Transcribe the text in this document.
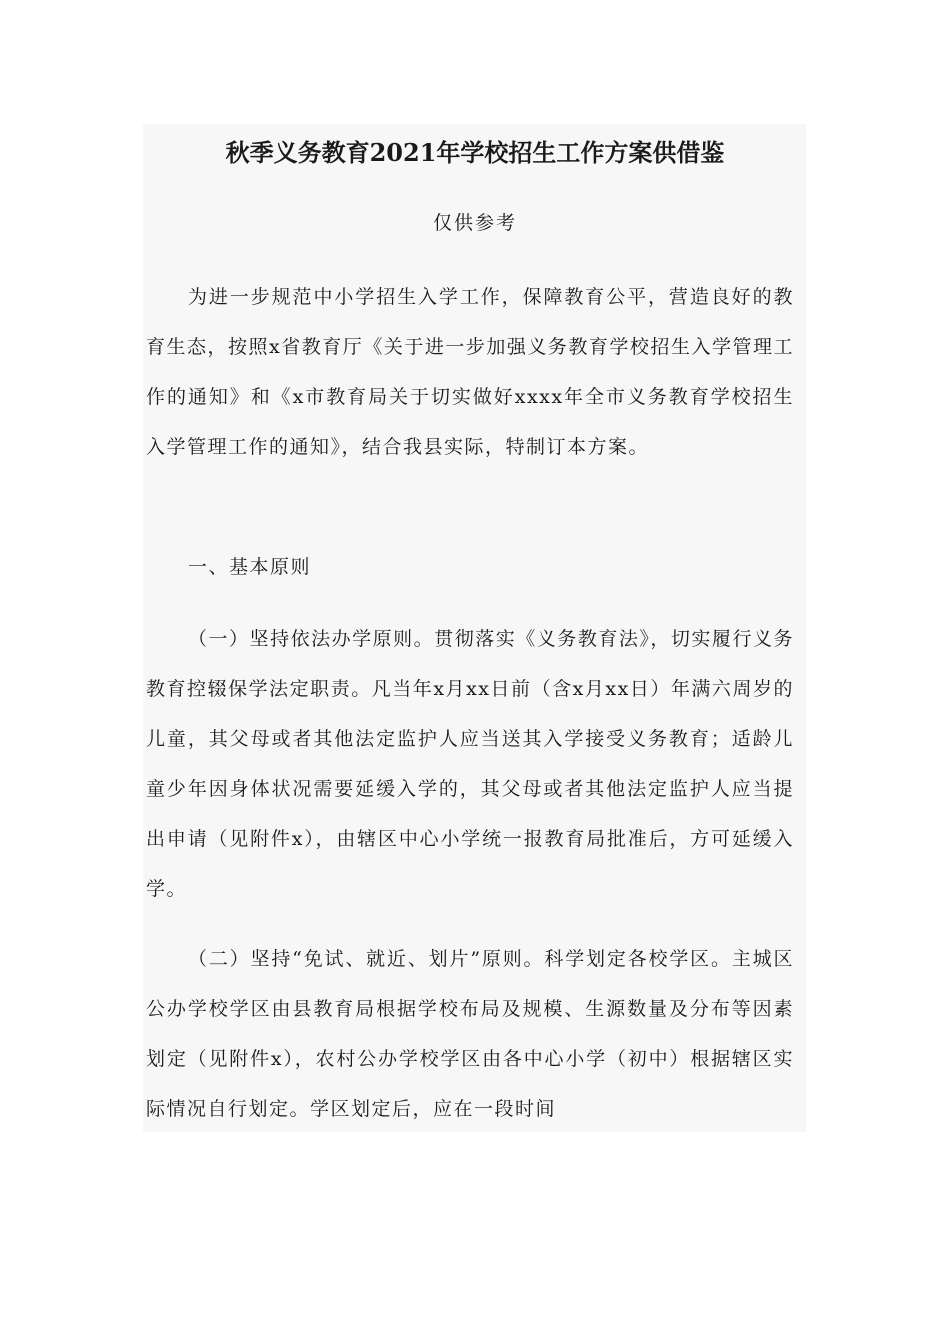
秋季义务教育2021年学校招生工作方案供借鉴

仅供参考

为进一步规范中小学招生入学工作，保障教育公平，营造良好的教育生态，按照x省教育厅《关于进一步加强义务教育学校招生入学管理工作的通知》和《x市教育局关于切实做好xxxx年全市义务教育学校招生入学管理工作的通知》，结合我县实际，特制订本方案。

一、基本原则

（一）坚持依法办学原则。贯彻落实《义务教育法》，切实履行义务教育控辍保学法定职责。凡当年x月xx日前（含x月xx日）年满六周岁的儿童，其父母或者其他法定监护人应当送其入学接受义务教育；适龄儿童少年因身体状况需要延缓入学的，其父母或者其他法定监护人应当提出申请（见附件x），由辖区中心小学统一报教育局批准后，方可延缓入学。

（二）坚持“免试、就近、划片”原则。科学划定各校学区。主城区公办学校学区由县教育局根据学校布局及规模、生源数量及分布等因素划定（见附件x），农村公办学校学区由各中心小学（初中）根据辖区实际情况自行划定。学区划定后，应在一段时间
